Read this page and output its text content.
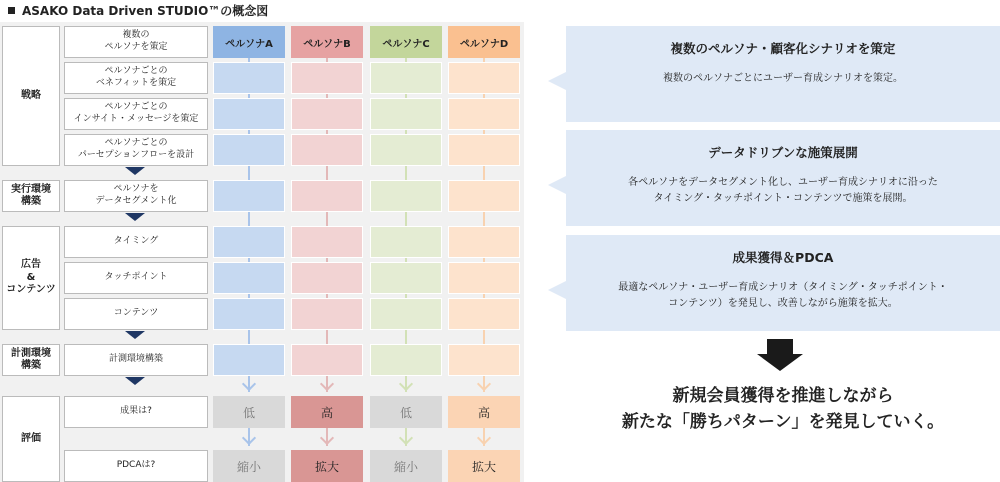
ASAKO Data Driven STUDIO™の概念図
戦略
実行環境
構築
広告
&
コンテンツ
計測環境
構築
評価
複数の
ペルソナを策定
ペルソナごとの
ベネフィットを策定
ペルソナごとの
インサイト・メッセージを策定
ペルソナごとの
パーセプションフローを設計
ペルソナを
データセグメント化
タイミング
タッチポイント
コンテンツ
計測環境構築
成果は?
PDCAは?
ペルソナA
低
縮小
ペルソナB
高
拡大
ペルソナC
低
縮小
ペルソナD
高
拡大
複数のペルソナ・顧客化シナリオを策定
複数のペルソナごとにユーザー育成シナリオを策定。
データドリブンな施策展開
各ペルソナをデータセグメント化し、ユーザー育成シナリオに沿った
タイミング・タッチポイント・コンテンツで施策を展開。
成果獲得＆PDCA
最適なペルソナ・ユーザー育成シナリオ（タイミング・タッチポイント・
コンテンツ）を発見し、改善しながら施策を拡大。
新規会員獲得を推進しながら
新たな「勝ちパターン」を発見していく。
